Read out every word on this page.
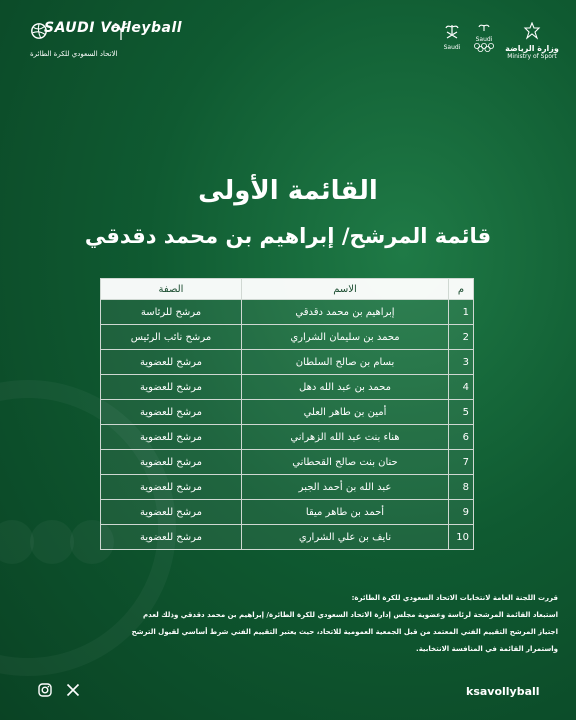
SAUDI Volleyball
الاتحاد السعودي للكرة الطائرة
Saudi
Saudi
وزارة الرياضة
Ministry of Sport
القائمة الأولى
قائمة المرشح/ إبراهيم بن محمد دقدقي
م	الاسم	الصفة
1	إبراهيم بن محمد دقدقي	مرشح للرئاسة
2	محمد بن سليمان الشراري	مرشح نائب الرئيس
3	بسام بن صالح السلطان	مرشح للعضوية
4	محمد بن عبد الله دهل	مرشح للعضوية
5	أمين بن طاهر العلي	مرشح للعضوية
6	هناء بنت عبد الله الزهراني	مرشح للعضوية
7	حنان بنت صالح القحطاني	مرشح للعضوية
8	عبد الله بن أحمد الجبر	مرشح للعضوية
9	أحمد بن طاهر ميقا	مرشح للعضوية
10	نايف بن علي الشراري	مرشح للعضوية

قررت اللجنة العامة لانتخابات الاتحاد السعودي للكرة الطائرة:

استبعاد القائمة المرشحة لرئاسة وعضوية مجلس إدارة الاتحاد السعودي للكرة الطائرة/ إبراهيم بن محمد دقدقي وذلك لعدم

اجتياز المرشح التقييم الفني المعتمد من قبل الجمعية العمومية للاتحاد، حيث يعتبر التقييم الفني شرط أساسي لقبول الترشح

واستمرار القائمة في المنافسة الانتخابية.

ksavollyball
